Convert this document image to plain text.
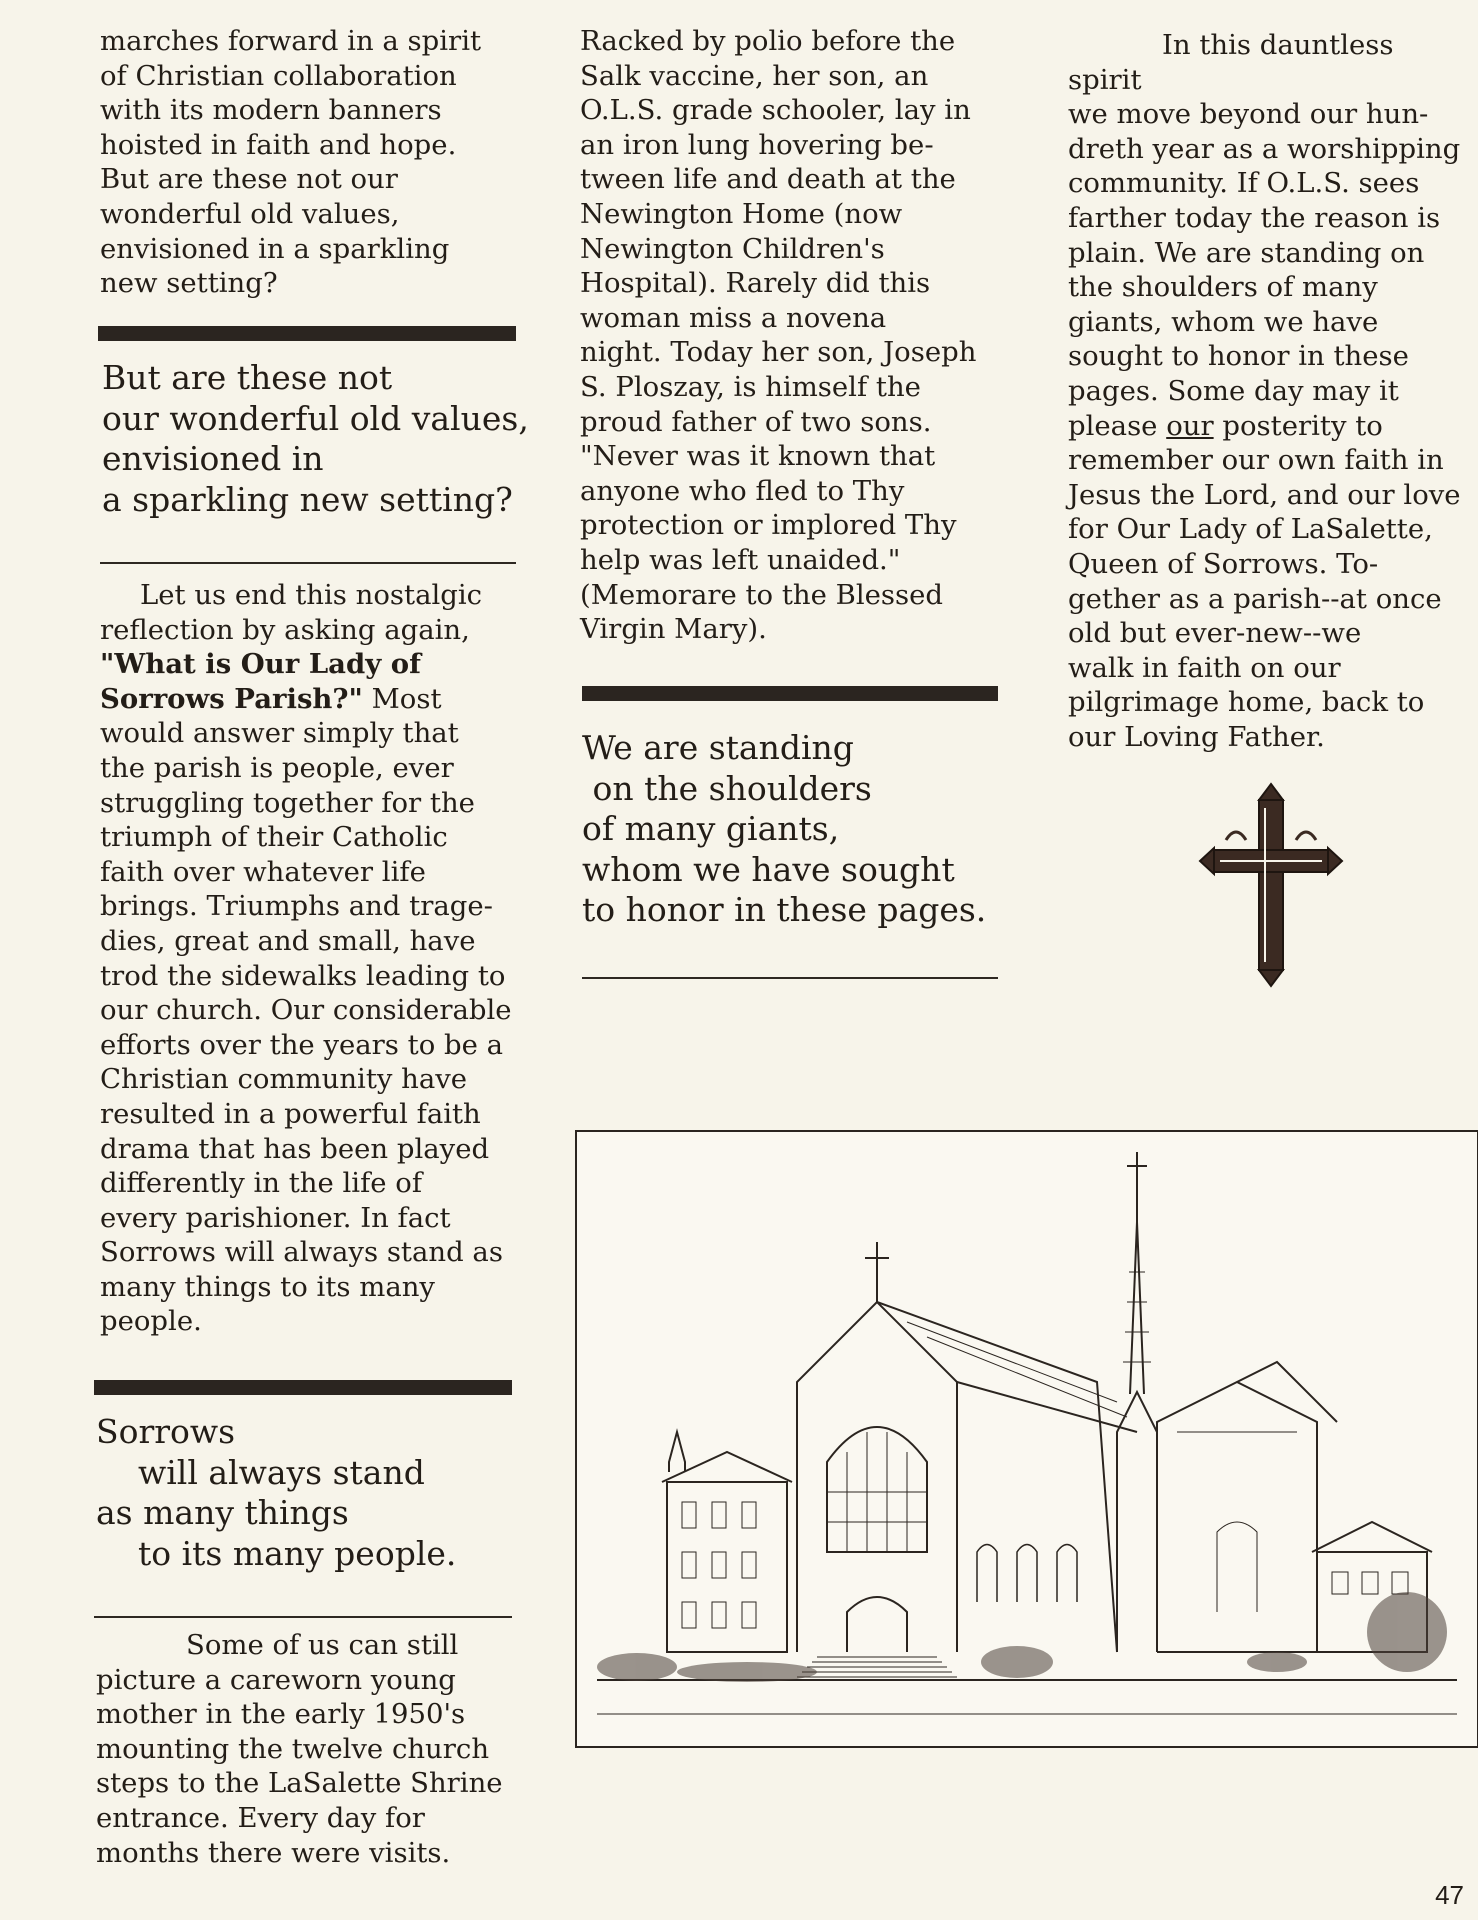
marches forward in a spirit
of Christian collaboration
with its modern banners
hoisted in faith and hope.
But are these not our
wonderful old values,
envisioned in a sparkling
new setting?

But are these not
our wonderful old values,
envisioned in
a sparkling new setting?

Let us end this nostalgic
reflection by asking again,
"What is Our Lady of
Sorrows Parish?" Most
would answer simply that
the parish is people, ever
struggling together for the
triumph of their Catholic
faith over whatever life
brings. Triumphs and trage-
dies, great and small, have
trod the sidewalks leading to
our church. Our considerable
efforts over the years to be a
Christian community have
resulted in a powerful faith
drama that has been played
differently in the life of
every parishioner. In fact
Sorrows will always stand as
many things to its many
people.

Sorrows
will always stand
as many things
to its many people.

Some of us can still
picture a careworn young
mother in the early 1950's
mounting the twelve church
steps to the LaSalette Shrine
entrance. Every day for
months there were visits.

Racked by polio before the
Salk vaccine, her son, an
O.L.S. grade schooler, lay in
an iron lung hovering be-
tween life and death at the
Newington Home (now
Newington Children's
Hospital). Rarely did this
woman miss a novena
night. Today her son, Joseph
S. Ploszay, is himself the
proud father of two sons.
"Never was it known that
anyone who fled to Thy
protection or implored Thy
help was left unaided."
(Memorare to the Blessed
Virgin Mary).

We are standing
on the shoulders
of many giants,
whom we have sought
to honor in these pages.

In this dauntless spirit
we move beyond our hun-
dreth year as a worshipping
community. If O.L.S. sees
farther today the reason is
plain. We are standing on
the shoulders of many
giants, whom we have
sought to honor in these
pages. Some day may it
please our posterity to
remember our own faith in
Jesus the Lord, and our love
for Our Lady of LaSalette,
Queen of Sorrows. To-
gether as a parish--at once
old but ever-new--we
walk in faith on our
pilgrimage home, back to
our Loving Father.

47
